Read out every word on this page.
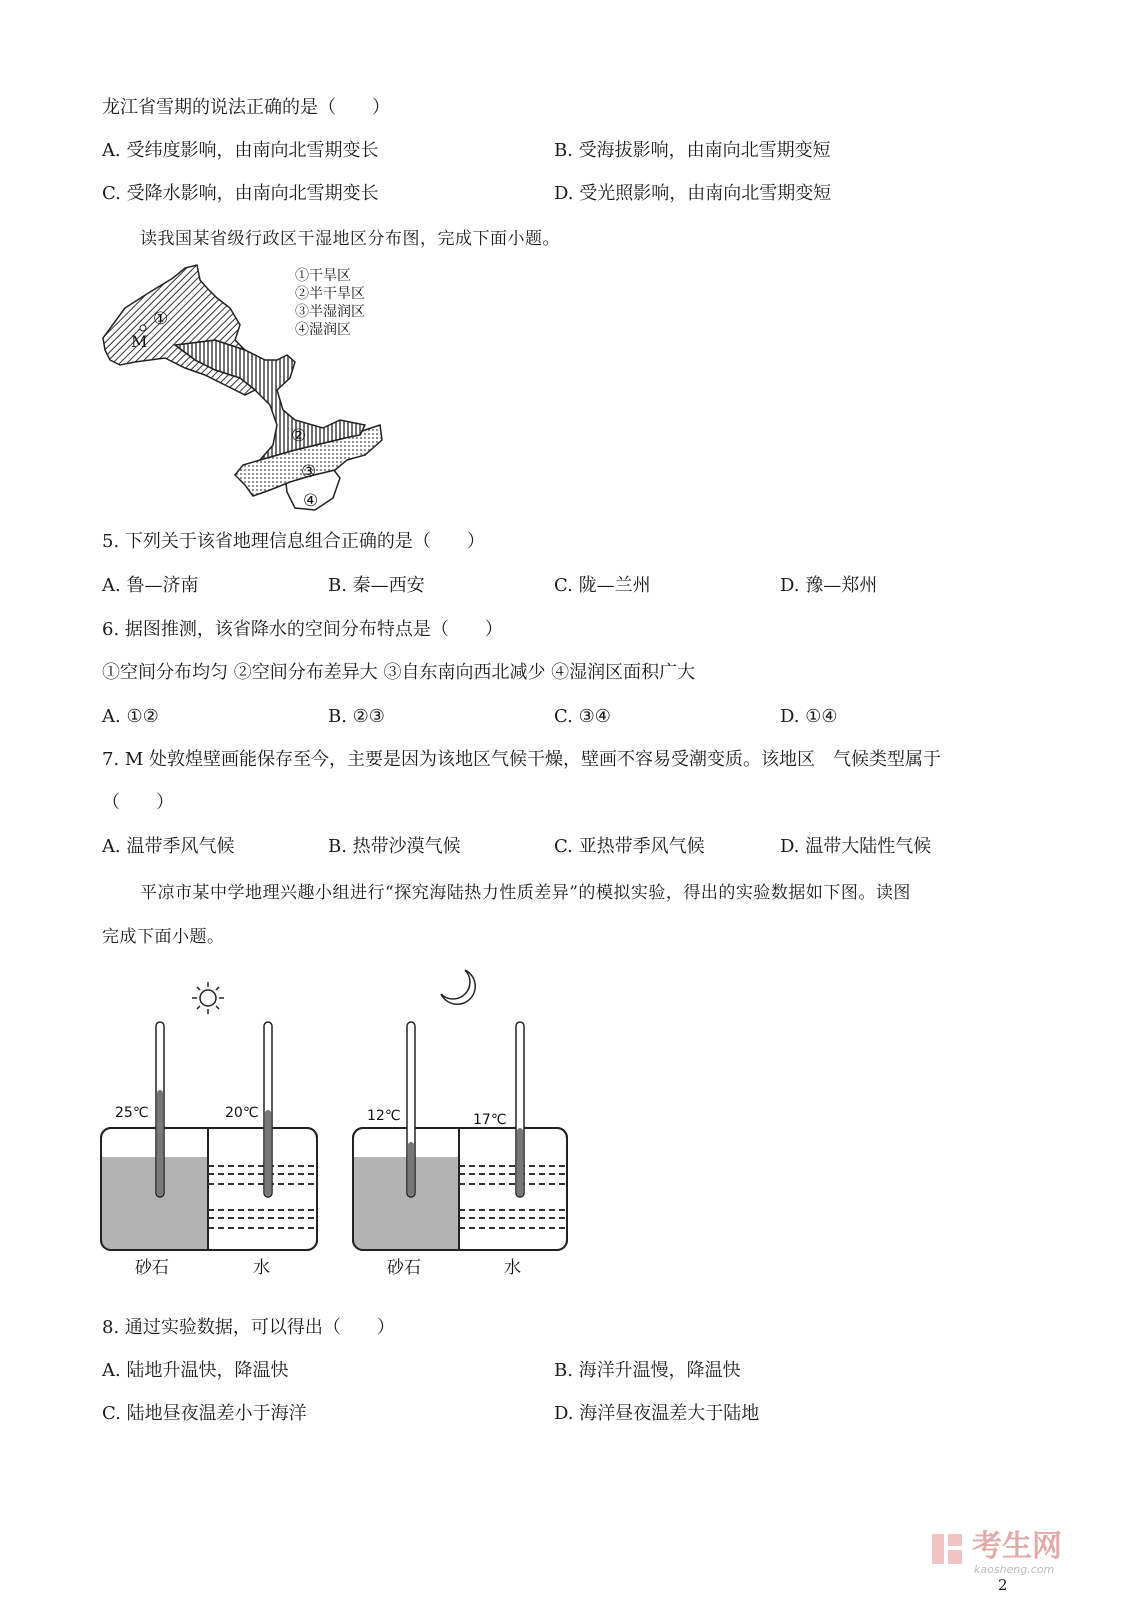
龙江省雪期的说法正确的是（　　）
A. 受纬度影响，由南向北雪期变长	B. 受海拔影响，由南向北雪期变短
C. 受降水影响，由南向北雪期变长	D. 受光照影响，由南向北雪期变短
读我国某省级行政区干湿地区分布图，完成下面小题。
M
①
②
③
④
①干旱区
②半干旱区
③半湿润区
④湿润区
5. 下列关于该省地理信息组合正确的是（　　）
A. 鲁—济南	B. 秦—西安	C. 陇—兰州	D. 豫—郑州
6. 据图推测，该省降水的空间分布特点是（　　）
①空间分布均匀 ②空间分布差异大 ③自东南向西北减少 ④湿润区面积广大
A. ①②	B. ②③	C. ③④	D. ①④
7. M 处敦煌壁画能保存至今，主要是因为该地区气候干燥，壁画不容易受潮变质。该地区　气候类型属于
（　　）
A. 温带季风气候	B. 热带沙漠气候	C. 亚热带季风气候	D. 温带大陆性气候
平凉市某中学地理兴趣小组进行“探究海陆热力性质差异”的模拟实验，得出的实验数据如下图。读图
完成下面小题。
25℃	20℃
砂石	水
12℃	17℃
砂石	水
8. 通过实验数据，可以得出（　　）
A. 陆地升温快，降温快	B. 海洋升温慢，降温快
C. 陆地昼夜温差小于海洋	D. 海洋昼夜温差大于陆地
考生网
kaosheng.com
2
